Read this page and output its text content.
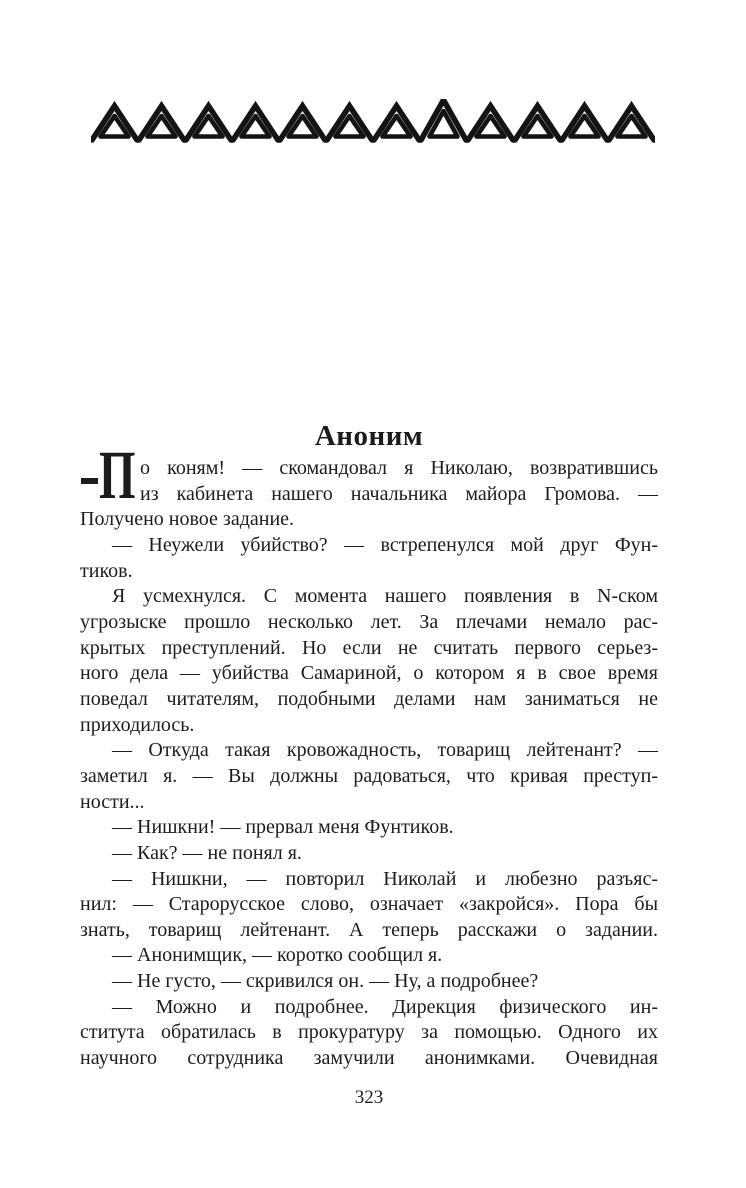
Аноним
П о коням! — скомандовал я Николаю, возвратившись
из кабинета нашего начальника майора Громова. —
Получено новое задание.
— Неужели убийство? — встрепенулся мой друг Фун-
тиков.
Я усмехнулся. С момента нашего появления в N-ском
угрозыске прошло несколько лет. За плечами немало рас-
крытых преступлений. Но если не считать первого серьез-
ного дела — убийства Самариной, о котором я в свое время
поведал читателям, подобными делами нам заниматься не
приходилось.
— Откуда такая кровожадность, товарищ лейтенант? —
заметил я. — Вы должны радоваться, что кривая преступ-
ности...
— Нишкни! — прервал меня Фунтиков.
— Как? — не понял я.
— Нишкни, — повторил Николай и любезно разъяс-
нил: — Старорусское слово, означает «закройся». Пора бы
знать, товарищ лейтенант. А теперь расскажи о задании.
— Анонимщик, — коротко сообщил я.
— Не густо, — скривился он. — Ну, а подробнее?
— Можно и подробнее. Дирекция физического ин-
ститута обратилась в прокуратуру за помощью. Одного их
научного сотрудника замучили анонимками. Очевидная
323
